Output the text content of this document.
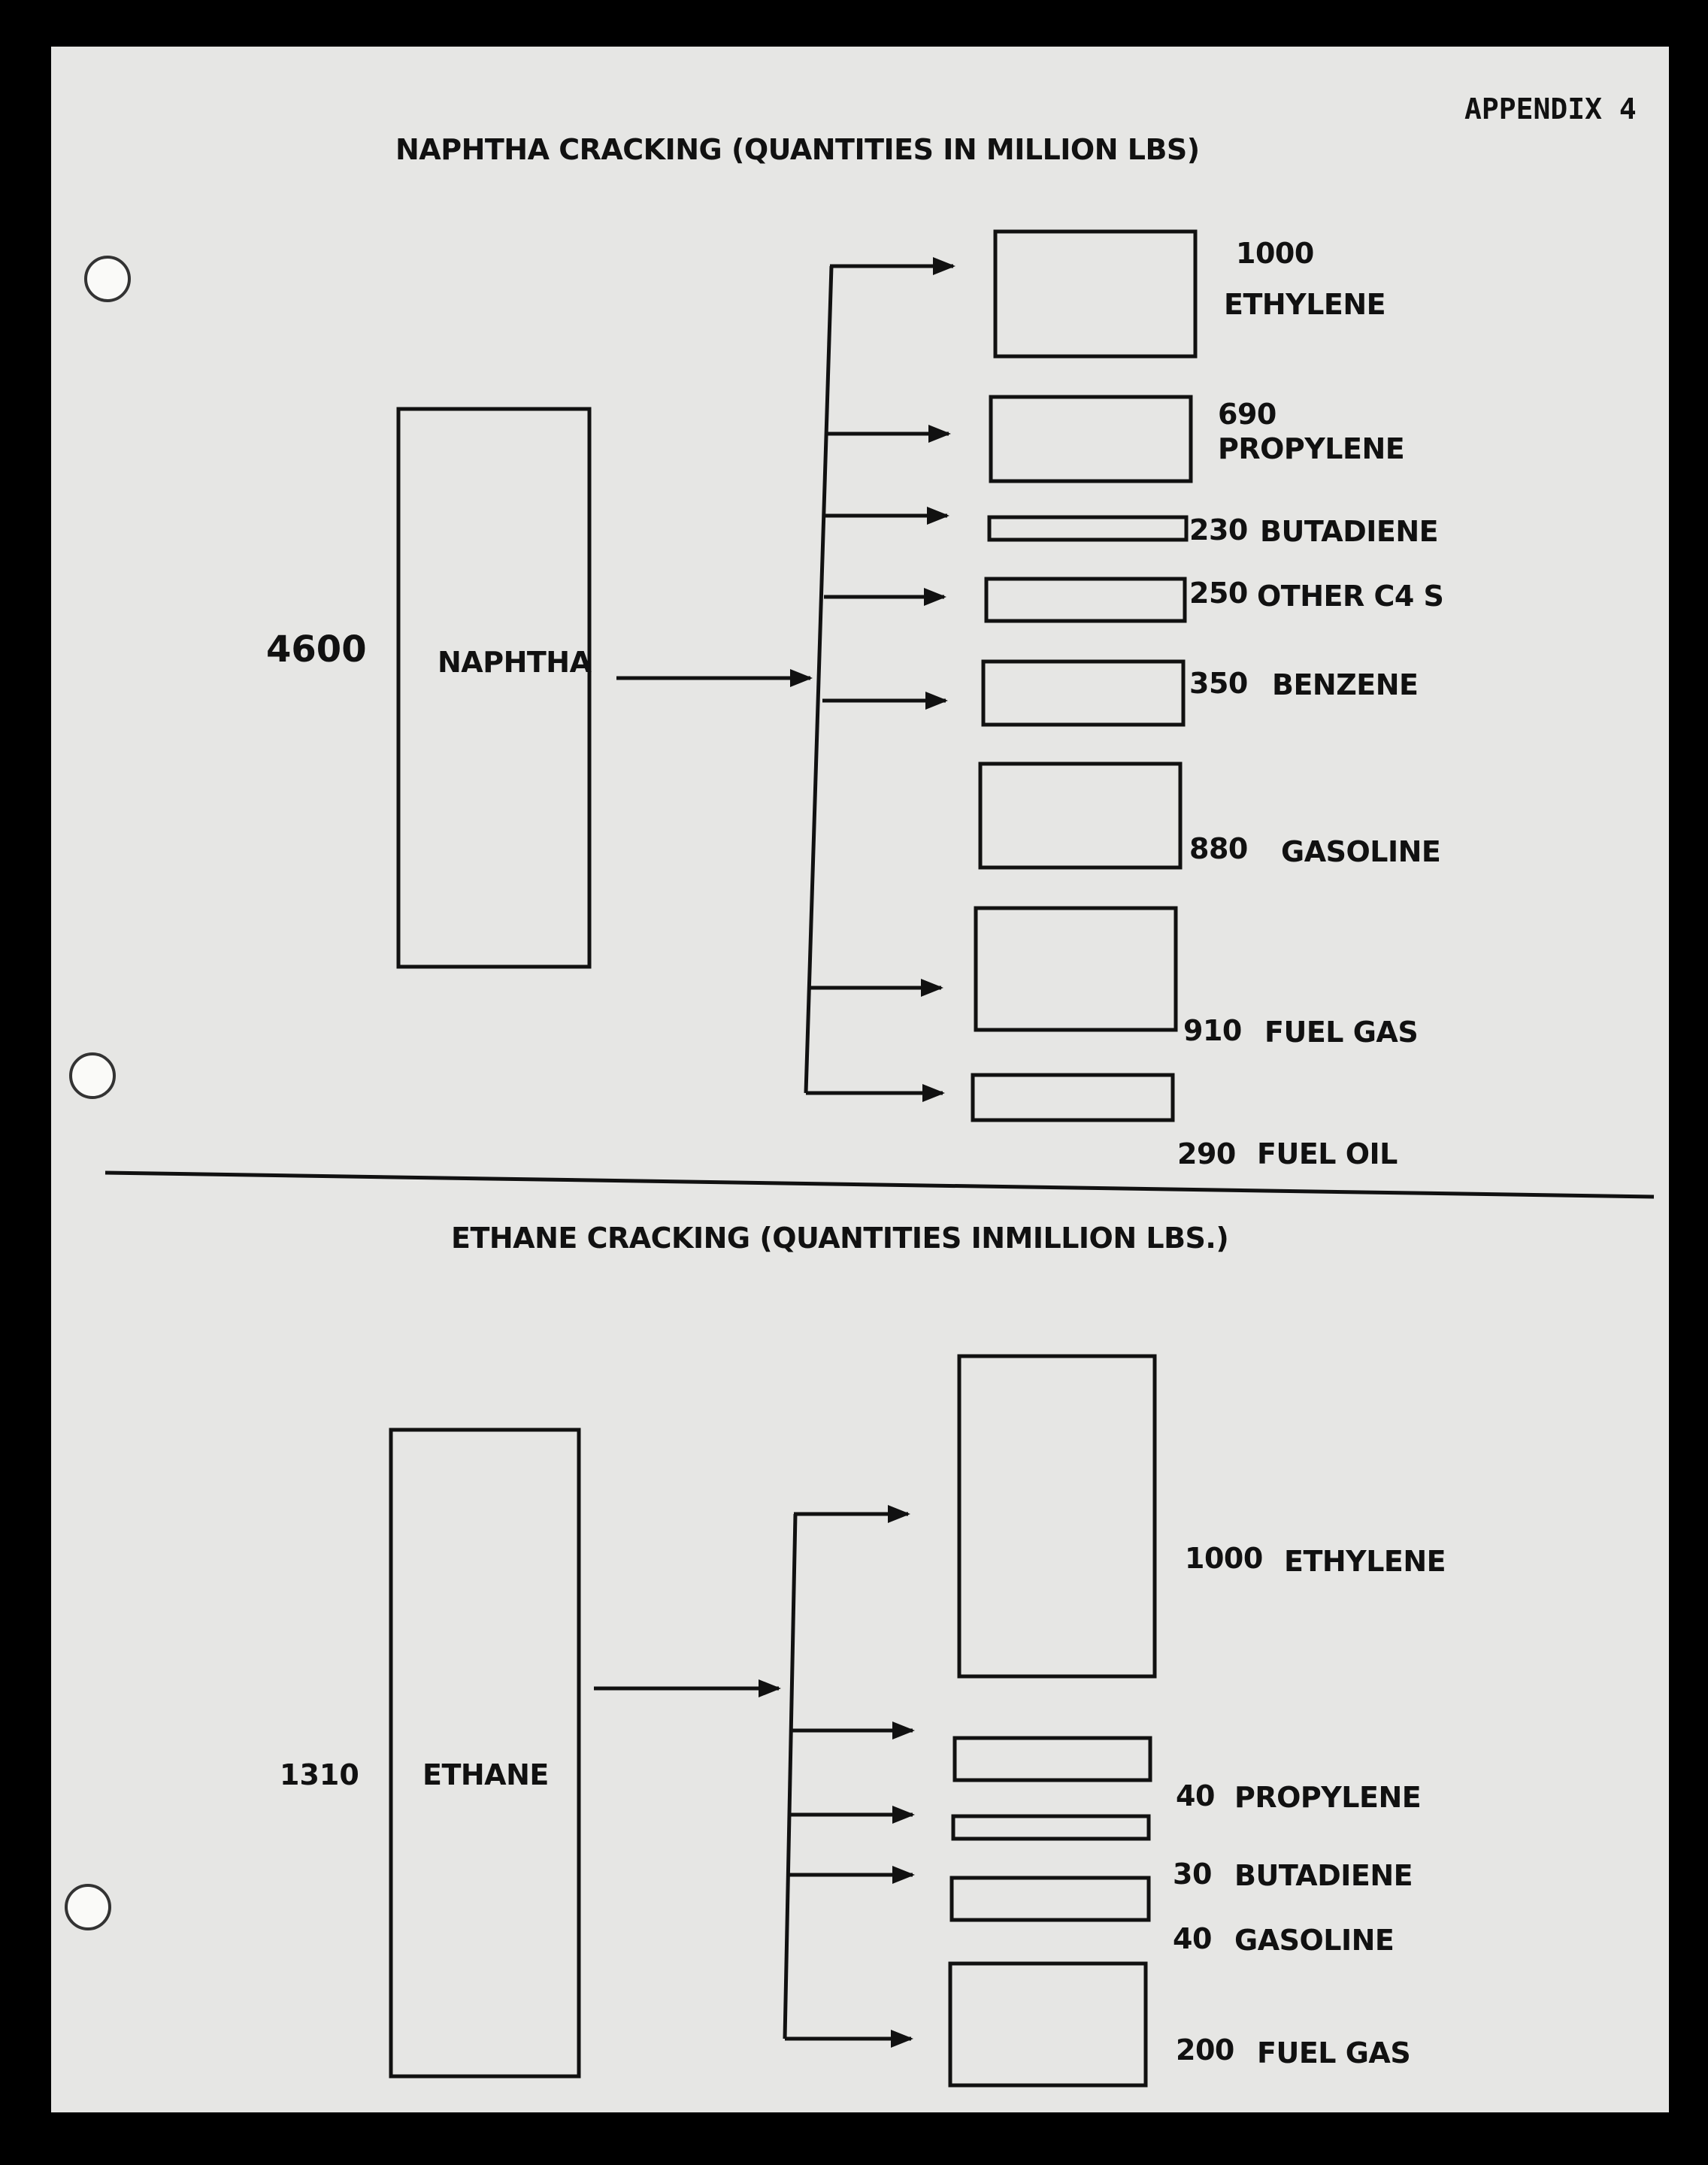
APPENDIX 4
NAPHTHA CRACKING (QUANTITIES IN MILLION LBS)
4600 NAPHTHA
1000
ETHYLENE
690
PROPYLENE
230 BUTADIENE
250 OTHER C4 S
350 BENZENE
880 GASOLINE
910 FUEL GAS
290 FUEL OIL
ETHANE CRACKING (QUANTITIES INMILLION LBS.)
1310 ETHANE
1000 ETHYLENE
40 PROPYLENE
30 BUTADIENE
40 GASOLINE
200 FUEL GAS
